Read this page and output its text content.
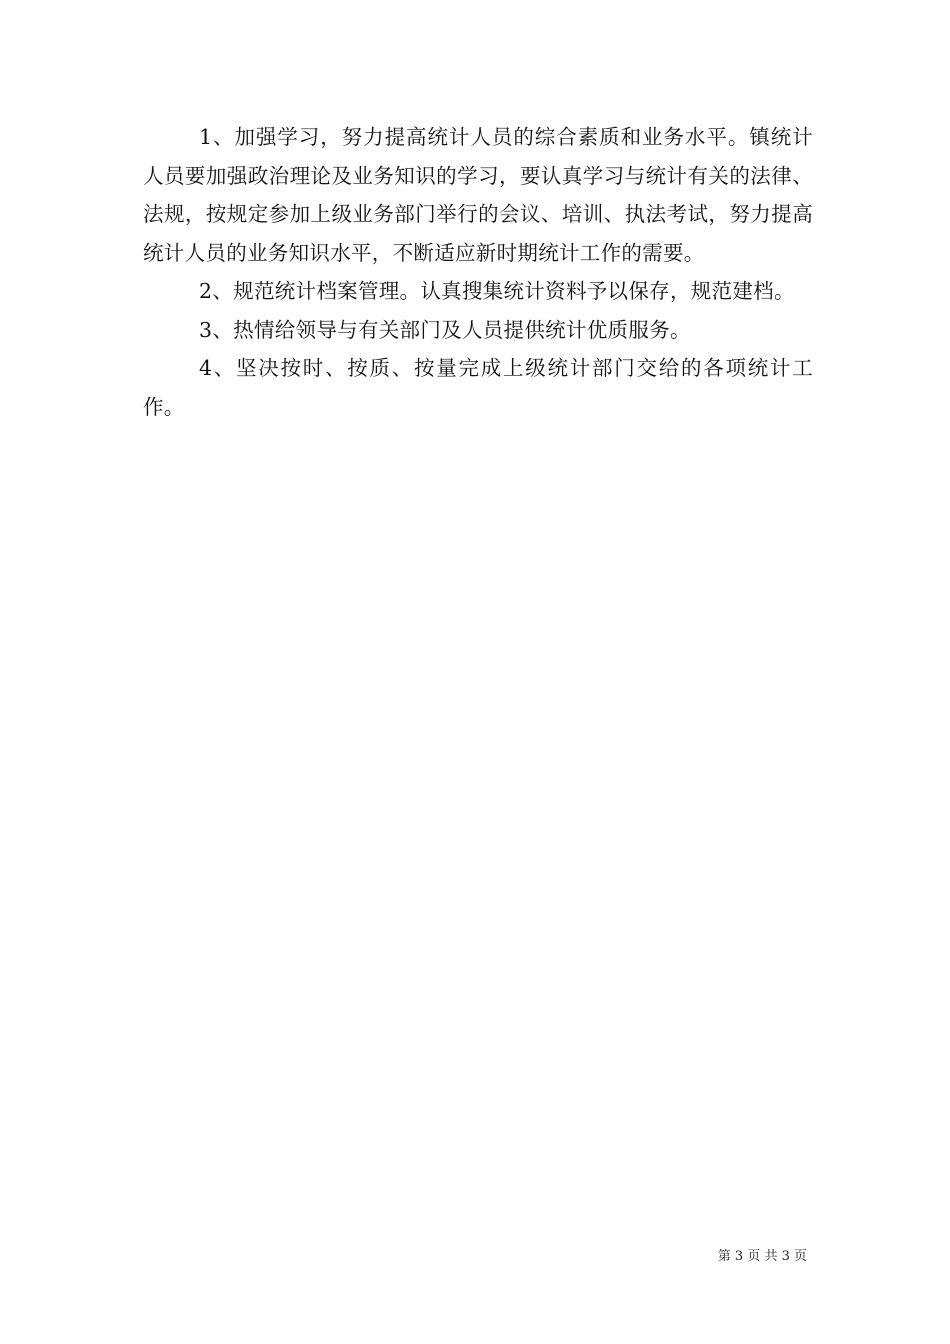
1、加强学习，努力提高统计人员的综合素质和业务水平。镇统计人员要加强政治理论及业务知识的学习，要认真学习与统计有关的法律、法规，按规定参加上级业务部门举行的会议、培训、执法考试，努力提高统计人员的业务知识水平，不断适应新时期统计工作的需要。

2、规范统计档案管理。认真搜集统计资料予以保存，规范建档。

3、热情给领导与有关部门及人员提供统计优质服务。

4、坚决按时、按质、按量完成上级统计部门交给的各项统计工作。

第 3 页 共 3 页
